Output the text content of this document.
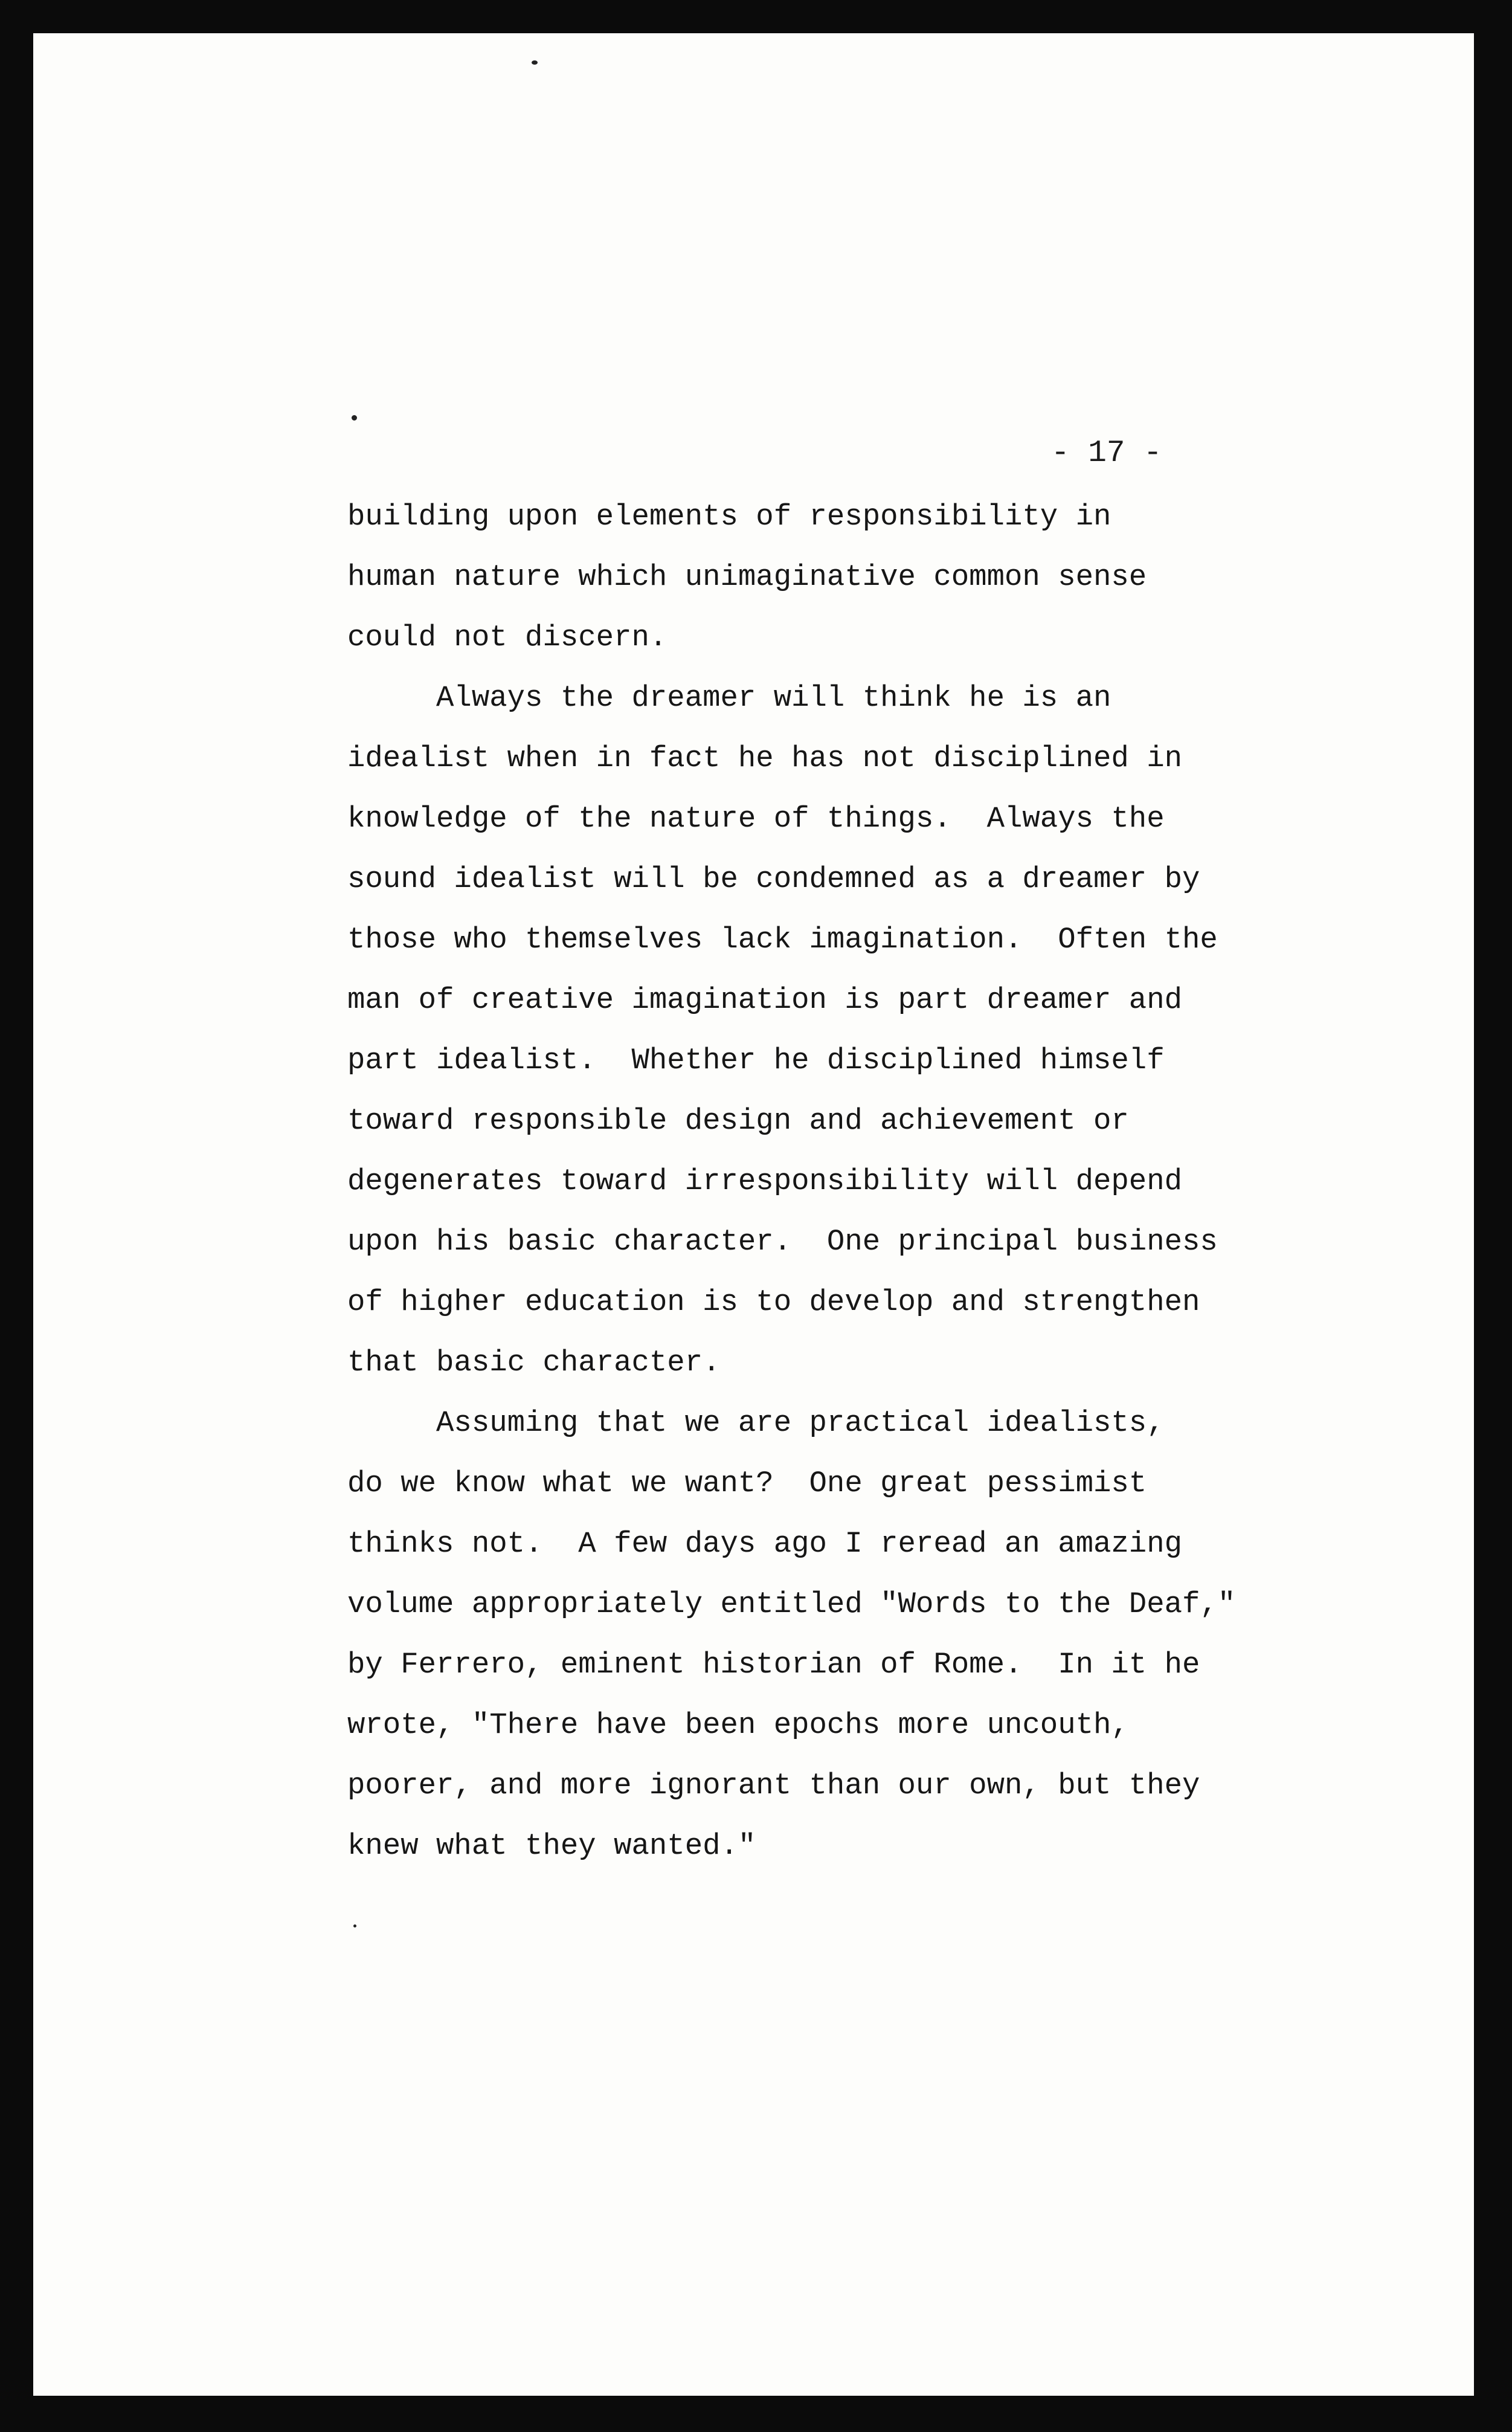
- 17 -
building upon elements of responsibility in
human nature which unimaginative common sense
could not discern.
Always the dreamer will think he is an
idealist when in fact he has not disciplined in
knowledge of the nature of things.  Always the
sound idealist will be condemned as a dreamer by
those who themselves lack imagination.  Often the
man of creative imagination is part dreamer and
part idealist.  Whether he disciplined himself
toward responsible design and achievement or
degenerates toward irresponsibility will depend
upon his basic character.  One principal business
of higher education is to develop and strengthen
that basic character.
Assuming that we are practical idealists,
do we know what we want?  One great pessimist
thinks not.  A few days ago I reread an amazing
volume appropriately entitled "Words to the Deaf,"
by Ferrero, eminent historian of Rome.  In it he
wrote, "There have been epochs more uncouth,
poorer, and more ignorant than our own, but they
knew what they wanted."
